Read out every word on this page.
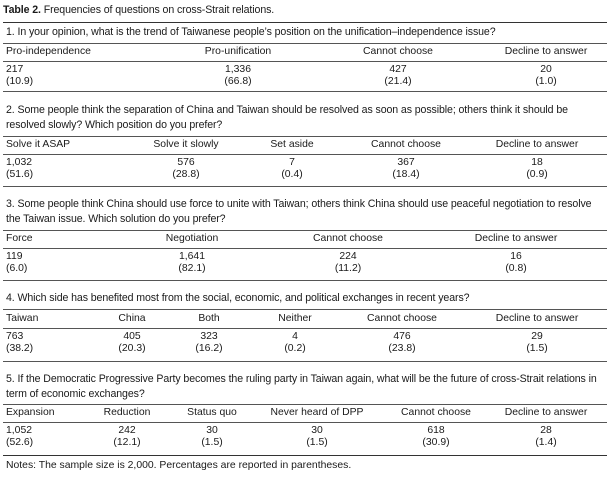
Table 2. Frequencies of questions on cross-Strait relations.
1. In your opinion, what is the trend of Taiwanese people’s position on the unification–independence issue?
Pro-independence	Pro-unification	Cannot choose	Decline to answer
217	1,336	427	20
(10.9)	(66.8)	(21.4)	(1.0)
2. Some people think the separation of China and Taiwan should be resolved as soon as possible; others think it should be resolved slowly? Which position do you prefer?
Solve it ASAP	Solve it slowly	Set aside	Cannot choose	Decline to answer
1,032	576	7	367	18
(51.6)	(28.8)	(0.4)	(18.4)	(0.9)
3. Some people think China should use force to unite with Taiwan; others think China should use peaceful negotiation to resolve the Taiwan issue. Which solution do you prefer?
Force	Negotiation	Cannot choose	Decline to answer
119	1,641	224	16
(6.0)	(82.1)	(11.2)	(0.8)
4. Which side has benefited most from the social, economic, and political exchanges in recent years?
Taiwan	China	Both	Neither	Cannot choose	Decline to answer
763	405	323	4	476	29
(38.2)	(20.3)	(16.2)	(0.2)	(23.8)	(1.5)
5. If the Democratic Progressive Party becomes the ruling party in Taiwan again, what will be the future of cross-Strait relations in term of economic exchanges?
Expansion	Reduction	Status quo	Never heard of DPP	Cannot choose	Decline to answer
1,052	242	30	30	618	28
(52.6)	(12.1)	(1.5)	(1.5)	(30.9)	(1.4)
Notes: The sample size is 2,000. Percentages are reported in parentheses.
